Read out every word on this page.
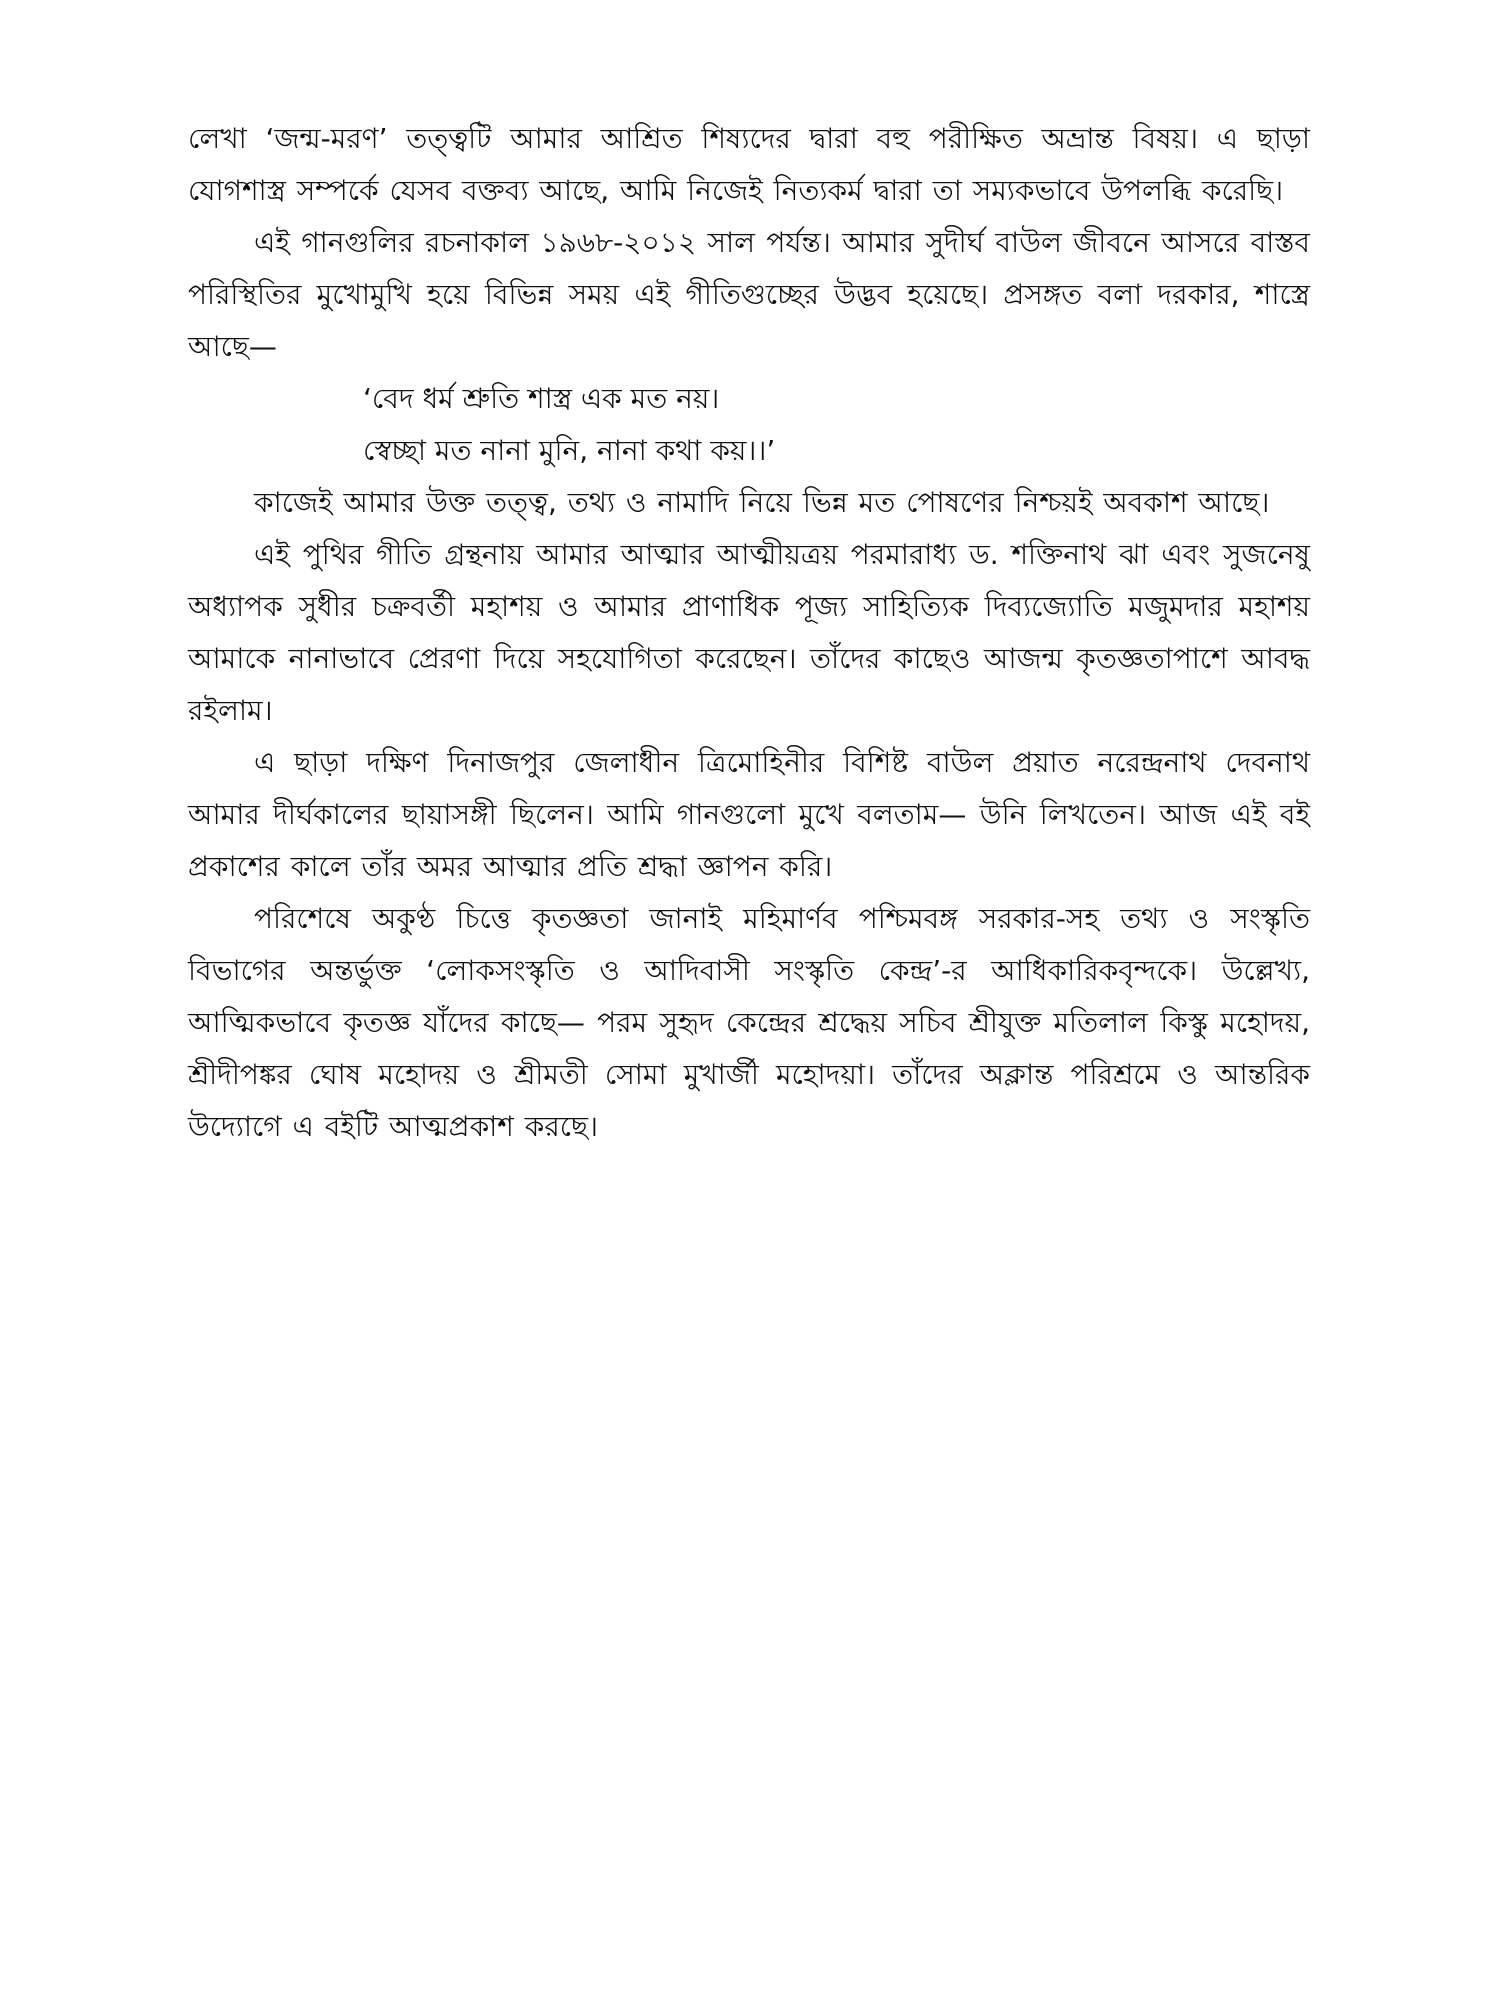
লেখা ‘জন্ম-মরণ’ তত্ত্বটি আমার আশ্রিত শিষ্যদের দ্বারা বহু পরীক্ষিত অভ্রান্ত বিষয়। এ ছাড়া যোগশাস্ত্র সম্পর্কে যেসব বক্তব্য আছে, আমি নিজেই নিত্যকর্ম দ্বারা তা সম্যকভাবে উপলব্ধি করেছি।

এই গানগুলির রচনাকাল ১৯৬৮-২০১২ সাল পর্যন্ত। আমার সুদীর্ঘ বাউল জীবনে আসরে বাস্তব পরিস্থিতির মুখোমুখি হয়ে বিভিন্ন সময় এই গীতিগুচ্ছের উদ্ভব হয়েছে। প্রসঙ্গত বলা দরকার, শাস্ত্রে আছে—

‘বেদ ধর্ম শ্রুতি শাস্ত্র এক মত নয়।
স্বেচ্ছা মত নানা মুনি, নানা কথা কয়।।’

কাজেই আমার উক্ত তত্ত্ব, তথ্য ও নামাদি নিয়ে ভিন্ন মত পোষণের নিশ্চয়ই অবকাশ আছে।

এই পুথির গীতি গ্রন্থনায় আমার আত্মার আত্মীয়ত্রয় পরমারাধ্য ড. শক্তিনাথ ঝা এবং সুজনেষু অধ্যাপক সুধীর চক্রবর্তী মহাশয় ও আমার প্রাণাধিক পূজ্য সাহিত্যিক দিব্যজ্যোতি মজুমদার মহাশয় আমাকে নানাভাবে প্রেরণা দিয়ে সহযোগিতা করেছেন। তাঁদের কাছেও আজন্ম কৃতজ্ঞতাপাশে আবদ্ধ রইলাম।

এ ছাড়া দক্ষিণ দিনাজপুর জেলাধীন ত্রিমোহিনীর বিশিষ্ট বাউল প্রয়াত নরেন্দ্রনাথ দেবনাথ আমার দীর্ঘকালের ছায়াসঙ্গী ছিলেন। আমি গানগুলো মুখে বলতাম— উনি লিখতেন। আজ এই বই প্রকাশের কালে তাঁর অমর আত্মার প্রতি শ্রদ্ধা জ্ঞাপন করি।

পরিশেষে অকুণ্ঠ চিত্তে কৃতজ্ঞতা জানাই মহিমার্ণব পশ্চিমবঙ্গ সরকার-সহ তথ্য ও সংস্কৃতি বিভাগের অন্তর্ভুক্ত ‘লোকসংস্কৃতি ও আদিবাসী সংস্কৃতি কেন্দ্র’-র আধিকারিকবৃন্দকে। উল্লেখ্য, আত্মিকভাবে কৃতজ্ঞ যাঁদের কাছে— পরম সুহৃদ কেন্দ্রের শ্রদ্ধেয় সচিব শ্রীযুক্ত মতিলাল কিস্কু মহোদয়, শ্রীদীপঙ্কর ঘোষ মহোদয় ও শ্রীমতী সোমা মুখার্জী মহোদয়া। তাঁদের অক্লান্ত পরিশ্রমে ও আন্তরিক উদ্যোগে এ বইটি আত্মপ্রকাশ করছে।
